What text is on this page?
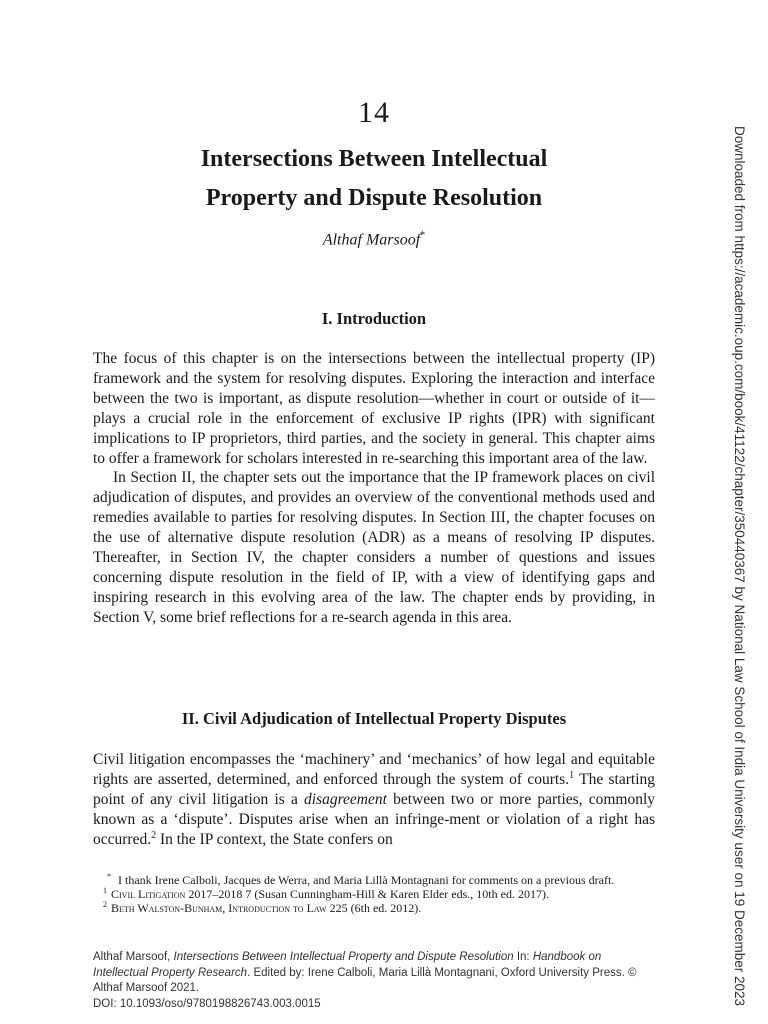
14
Intersections Between Intellectual
Property and Dispute Resolution
Althaf Marsoof*
I. Introduction

The focus of this chapter is on the intersections between the intellectual property (IP) framework and the system for resolving disputes. Exploring the interaction and interface between the two is important, as dispute resolution—whether in court or outside of it—plays a crucial role in the enforcement of exclusive IP rights (IPR) with significant implications to IP proprietors, third parties, and the society in general. This chapter aims to offer a framework for scholars interested in re-searching this important area of the law.

In Section II, the chapter sets out the importance that the IP framework places on civil adjudication of disputes, and provides an overview of the conventional methods used and remedies available to parties for resolving disputes. In Section III, the chapter focuses on the use of alternative dispute resolution (ADR) as a means of resolving IP disputes. Thereafter, in Section IV, the chapter considers a number of questions and issues concerning dispute resolution in the field of IP, with a view of identifying gaps and inspiring research in this evolving area of the law. The chapter ends by providing, in Section V, some brief reflections for a re-search agenda in this area.

II. Civil Adjudication of Intellectual Property Disputes

Civil litigation encompasses the ‘machinery’ and ‘mechanics’ of how legal and equitable rights are asserted, determined, and enforced through the system of courts.$^1$ The starting point of any civil litigation is a disagreement between two or more parties, commonly known as a ‘dispute’. Disputes arise when an infringe-ment or violation of a right has occurred.$^2$ In the IP context, the State confers on

* I thank Irene Calboli, Jacques de Werra, and Maria Lillà Montagnani for comments on a previous draft.
$^1$ Civil Litigation 2017–2018 7 (Susan Cunningham-Hill & Karen Elder eds., 10th ed. 2017).
$^2$ Beth Walston-Bunham, Introduction to Law 225 (6th ed. 2012).
Althaf Marsoof, Intersections Between Intellectual Property and Dispute Resolution In: Handbook on Intellectual Property Research. Edited by: Irene Calboli, Maria Lillà Montagnani, Oxford University Press. © Althaf Marsoof 2021.
DOI: 10.1093/oso/9780198826743.003.0015	Downloaded from https://academic.oup.com/book/41122/chapter/350440367 by National Law School of India University user on 19 December 2023
